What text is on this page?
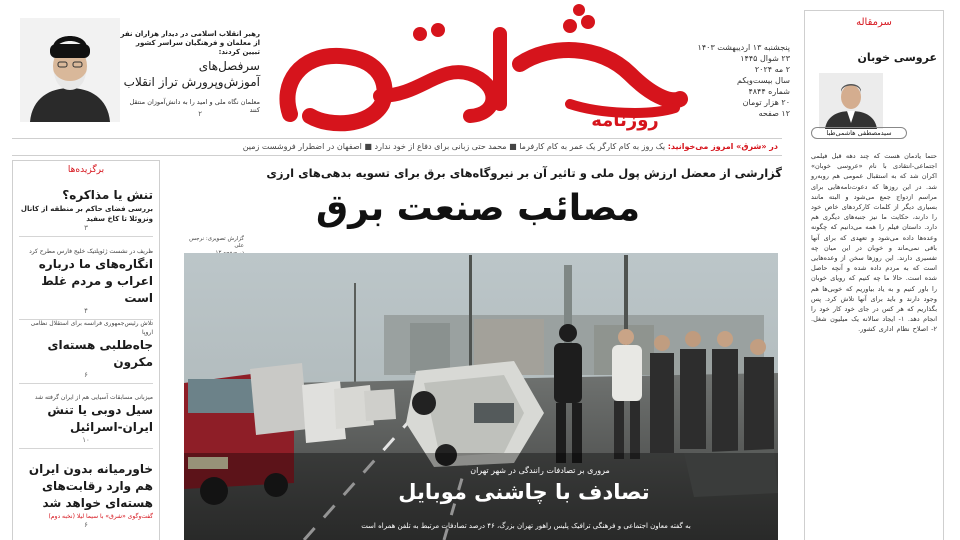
روزنامه
پنجشنبه ۱۳ اردیبهشت ۱۴۰۳
۲۳ شوال ۱۴۴۵
۲ مه ۲۰۲۴
سال بیست‌ویکم
شماره ۴۸۴۴
۲۰ هزار تومان
۱۲ صفحه
رهبر انقلاب اسلامی در دیدار هزاران نفر از معلمان و فرهنگیان سراسر کشور تبیین کردند:
سرفصل‌های آموزش‌وپرورش تراز انقلاب
معلمان نگاه ملی و امید را به دانش‌آموزان منتقل کنند
۲
در «شرق» امروز می‌خوانید: یک روز به کام کارگر یک عمر به کام کارفرما ■ محمد حتی زبانی برای دفاع از خود ندارد ■ اصفهان در اضطرار فروشست زمین
سرمقاله
عروسی خوبان
سیدمصطفی هاشمی‌طبا
حتما یادمان هست که چند دهه قبل فیلمی اجتماعی-انتقادی با نام «عروسی خوبان» اکران شد که به استقبال عمومی هم روبه‌رو شد. در این روزها که دعوت‌نامه‌هایی برای مراسم ازدواج جمع می‌شود و البته مانند بسیاری دیگر از کلمات کارکردهای خاص خود را دارند، حکایت ما نیز جنبه‌های دیگری هم دارد. داستان فیلم را همه می‌دانیم که چگونه وعده‌ها داده می‌شود و تعهدی که برای آنها باقی نمی‌ماند و خوبان در این میان چه تفسیری دارند. این روزها سخن از وعده‌هایی است که به مردم داده شده و آنچه حاصل شده است. حالا ما چه کنیم که رویای خوبان را باور کنیم و به یاد بیاوریم که خوبی‌ها هم وجود دارند و باید برای آنها تلاش کرد. پس بگذاریم که هر کس در جای خود کار خود را انجام دهد. ۱- ایجاد سالانه یک میلیون شغل. ۲- اصلاح نظام اداری کشور.
برگزیده‌ها
تنش یا مذاکره؟
بررسی فضای حاکم بر منطقه از کانال ونزوئلا تا کاخ سفید
۳
ظریف در نشست ژئوپلتیک خلیج فارس مطرح کرد
انگاره‌های ما درباره اعراب و مردم غلط است
۴
تلاش رئیس‌جمهوری فرانسه برای استقلال نظامی اروپا
جاه‌طلبی هسته‌ای مکرون
۶
میزبانی مسابقات آسیایی هم از ایران گرفته شد
سیل دوبی یا تنش ایران-اسرائیل
۱۰
خاورمیانه بدون ایران هم وارد رقابت‌های هسته‌ای خواهد شد
گفت‌وگوی «شرق» با سیما لیلا (نخبه دوم)
۶
گزارشی از معضل ارزش پول ملی و تاثیر آن بر نیروگاه‌های برق برای تسویه بدهی‌های ارزی
مصائب صنعت برق
گزارش تصویری: نرجس علی

مروری بر تصادفات رانندگی در شهر تهران
تصادف با چاشنی موبایل
به گفته معاون اجتماعی و فرهنگی ترافیک پلیس راهور تهران بزرگ، ۴۶ درصد تصادفات مرتبط به تلفن همراه است
